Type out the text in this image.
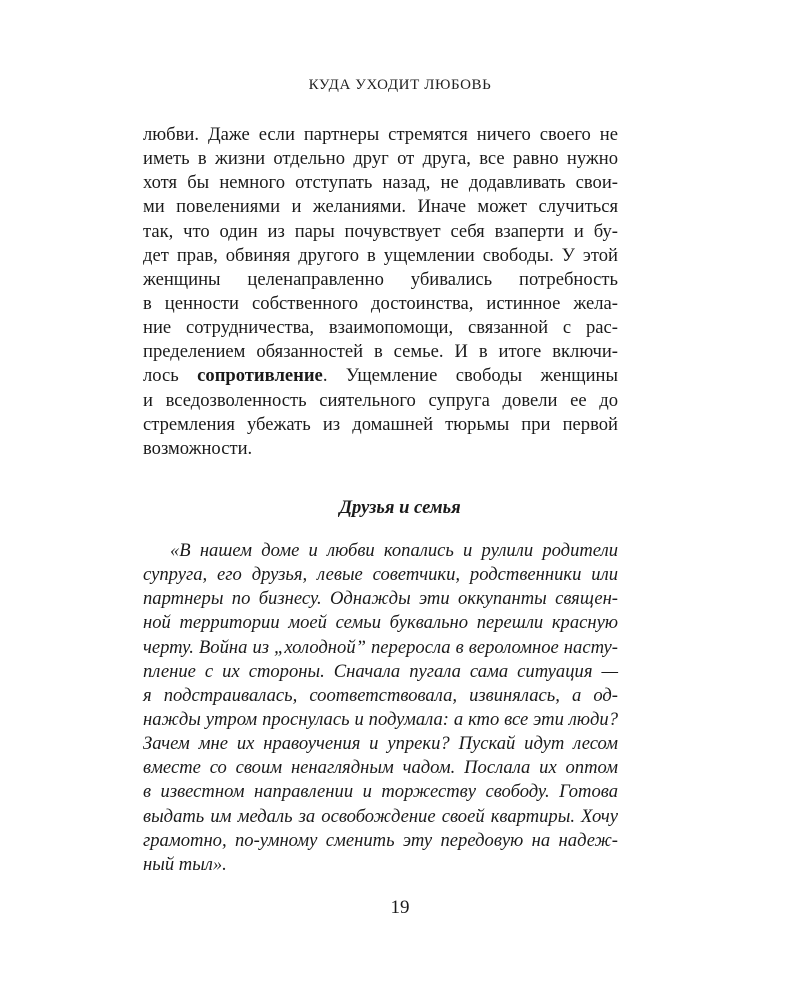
КУДА УХОДИТ ЛЮБОВЬ
любви. Даже если партнеры стремятся ничего своего не
иметь в жизни отдельно друг от друга, все равно нужно
хотя бы немного отступать назад, не додавливать свои-
ми повелениями и желаниями. Иначе может случиться
так, что один из пары почувствует себя взаперти и бу-
дет прав, обвиняя другого в ущемлении свободы. У этой
женщины целенаправленно убивались потребность
в ценности собственного достоинства, истинное жела-
ние сотрудничества, взаимопомощи, связанной с рас-
пределением обязанностей в семье. И в итоге включи-
лось сопротивление. Ущемление свободы женщины
и вседозволенность сиятельного супруга довели ее до
стремления убежать из домашней тюрьмы при первой
возможности.
Друзья и семья
«В нашем доме и любви копались и рулили родители
супруга, его друзья, левые советчики, родственники или
партнеры по бизнесу. Однажды эти оккупанты священ-
ной территории моей семьи буквально перешли красную
черту. Война из „холодной” переросла в вероломное насту-
пление с их стороны. Сначала пугала сама ситуация —
я подстраивалась, соответствовала, извинялась, а од-
нажды утром проснулась и подумала: а кто все эти люди?
Зачем мне их нравоучения и упреки? Пускай идут лесом
вместе со своим ненаглядным чадом. Послала их оптом
в известном направлении и торжеству свободу. Готова
выдать им медаль за освобождение своей квартиры. Хочу
грамотно, по-умному сменить эту передовую на надеж-
ный тыл».
19
